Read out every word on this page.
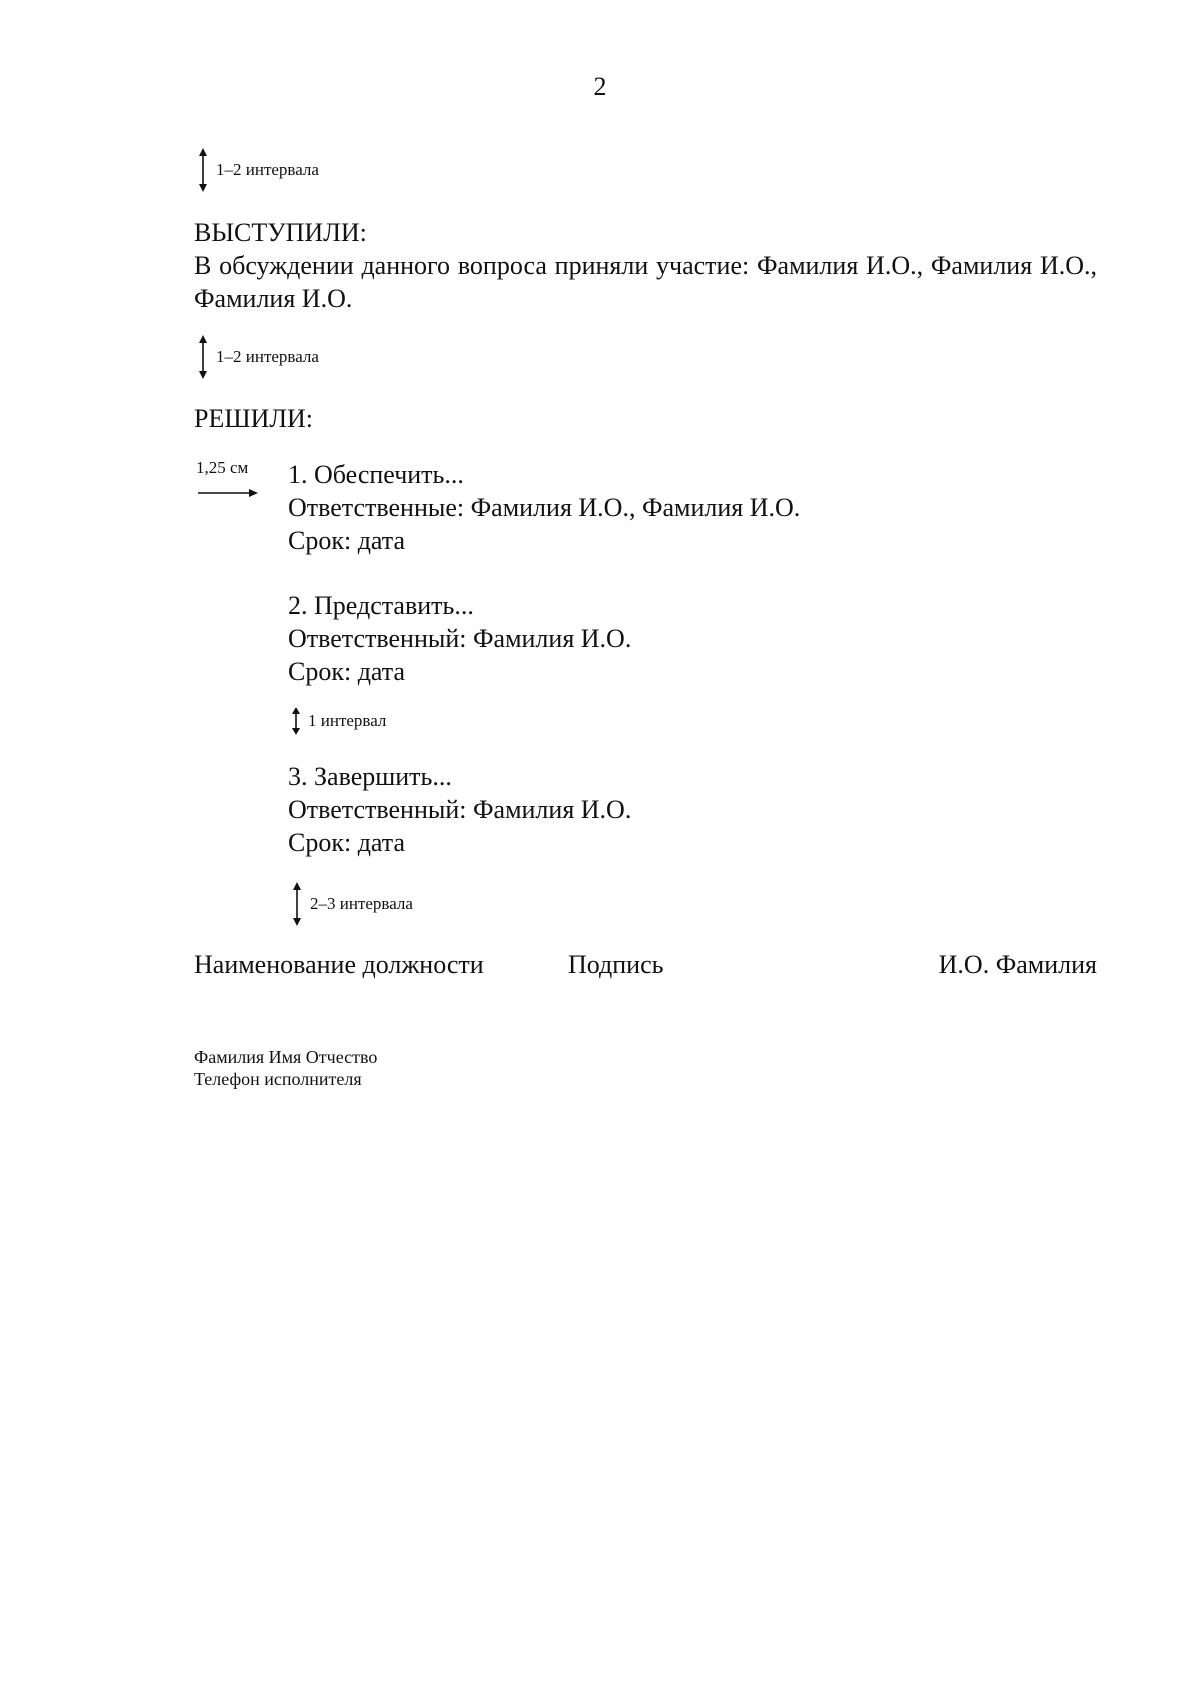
2
1–2 интервала
ВЫСТУПИЛИ:
В обсуждении данного вопроса приняли участие: Фамилия И.О., Фамилия И.О., Фамилия И.О.
1–2 интервала
РЕШИЛИ:
1,25 см	1. Обеспечить...
Ответственные: Фамилия И.О., Фамилия И.О.
Срок: дата
2. Представить...
Ответственный: Фамилия И.О.
Срок: дата
1 интервал
3. Завершить...
Ответственный: Фамилия И.О.
Срок: дата
2–3 интервала
Наименование должности	Подпись	И.О. Фамилия
Фамилия Имя Отчество
Телефон исполнителя
